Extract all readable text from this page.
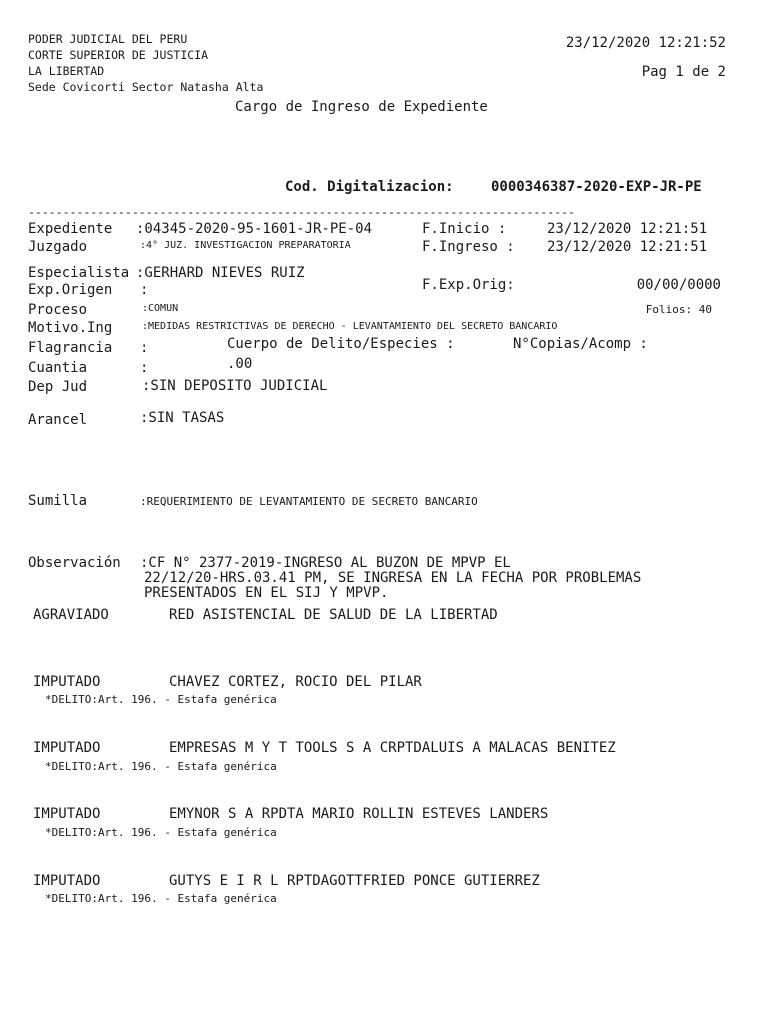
PODER JUDICIAL DEL PERU
CORTE SUPERIOR DE JUSTICIA
LA LIBERTAD
Sede Covicorti Sector Natasha Alta
23/12/2020 12:21:52
Pag 1 de 2
Cargo de Ingreso de Expediente
Cod. Digitalizacion:	0000346387-2020-EXP-JR-PE
-------------------------------------------------------------------------------
Expediente :04345-2020-95-1601-JR-PE-04	F.Inicio :	23/12/2020 12:21:51
Juzgado	:4° JUZ. INVESTIGACION PREPARATORIA	F.Ingreso : 23/12/2020 12:21:51
Especialista :GERHARD NIEVES RUIZ
Exp.Origen :	F.Exp.Orig:	00/00/0000
Proceso	:COMUN	Folios: 40
Motivo.Ing	:MEDIDAS RESTRICTIVAS DE DERECHO - LEVANTAMIENTO DEL SECRETO BANCARIO
Flagrancia :	Cuerpo de Delito/Especies :	N°Copias/Acomp :
Cuantia	:	.00
Dep Jud	:SIN DEPOSITO JUDICIAL
Arancel	:SIN TASAS
Sumilla	:REQUERIMIENTO DE LEVANTAMIENTO DE SECRETO BANCARIO
Observación :CF N° 2377-2019-INGRESO AL BUZON DE MPVP EL
22/12/20-HRS.03.41 PM, SE INGRESA EN LA FECHA POR PROBLEMAS
PRESENTADOS EN EL SIJ Y MPVP.
AGRAVIADO	RED ASISTENCIAL DE SALUD DE LA LIBERTAD
IMPUTADO	CHAVEZ CORTEZ, ROCIO DEL PILAR
*DELITO:Art. 196. - Estafa genérica
IMPUTADO	EMPRESAS M Y T TOOLS S A CRPTDALUIS A MALACAS BENITEZ
*DELITO:Art. 196. - Estafa genérica
IMPUTADO	EMYNOR S A RPDTA MARIO ROLLIN ESTEVES LANDERS
*DELITO:Art. 196. - Estafa genérica
IMPUTADO	GUTYS E I R L RPTDAGOTTFRIED PONCE GUTIERREZ
*DELITO:Art. 196. - Estafa genérica
